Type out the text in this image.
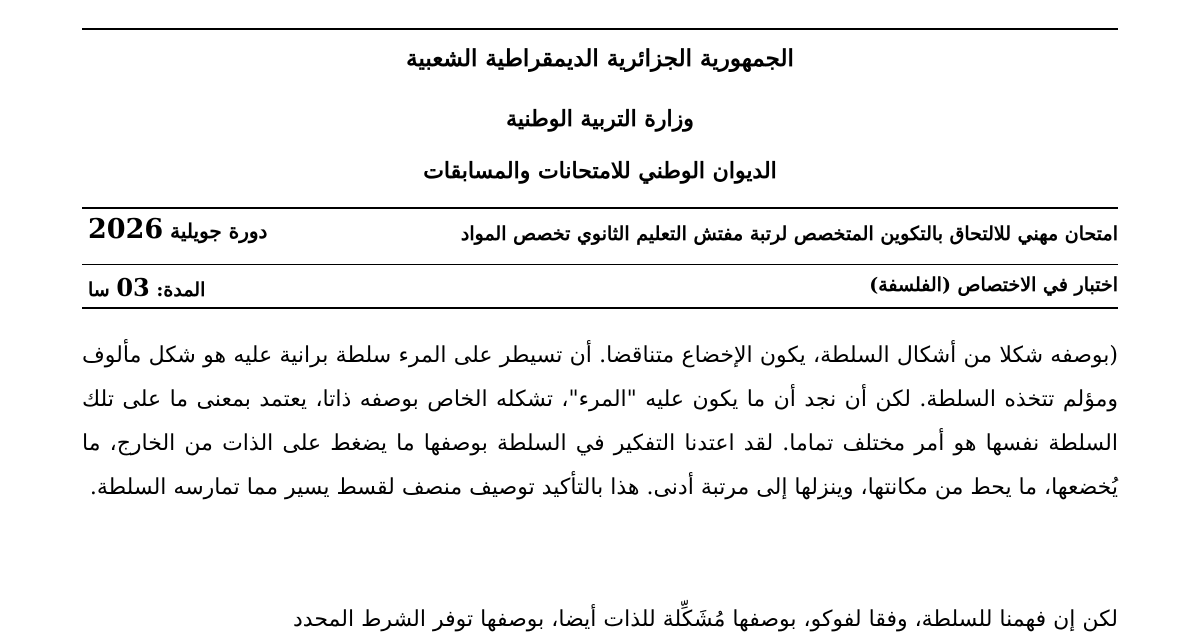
الجمهورية الجزائرية الديمقراطية الشعبية
وزارة التربية الوطنية
الديوان الوطني للامتحانات والمسابقات
امتحان مهني للالتحاق بالتكوين المتخصص لرتبة مفتش التعليم الثانوي تخصص المواد
دورة جويلية 2026
اختبار في الاختصاص (الفلسفة)
المدة: 03 سا
(بوصفه شكلا من أشكال السلطة، يكون الإخضاع متناقضا. أن تسيطر على المرء سلطة برانية عليه هو شكل مألوف ومؤلم تتخذه السلطة. لكن أن نجد أن ما يكون عليه "المرء"، تشكله الخاص بوصفه ذاتا، يعتمد بمعنى ما على تلك السلطة نفسها هو أمر مختلف تماما. لقد اعتدنا التفكير في السلطة بوصفها ما يضغط على الذات من الخارج، ما يُخضعها، ما يحط من مكانتها، وينزلها إلى مرتبة أدنى. هذا بالتأكيد توصيف منصف لقسط يسير مما تمارسه السلطة.
لكن إن فهمنا للسلطة، وفقا لفوكو، بوصفها مُشَكِّلة للذات أيضا، بوصفها توفر الشرط المحدد
